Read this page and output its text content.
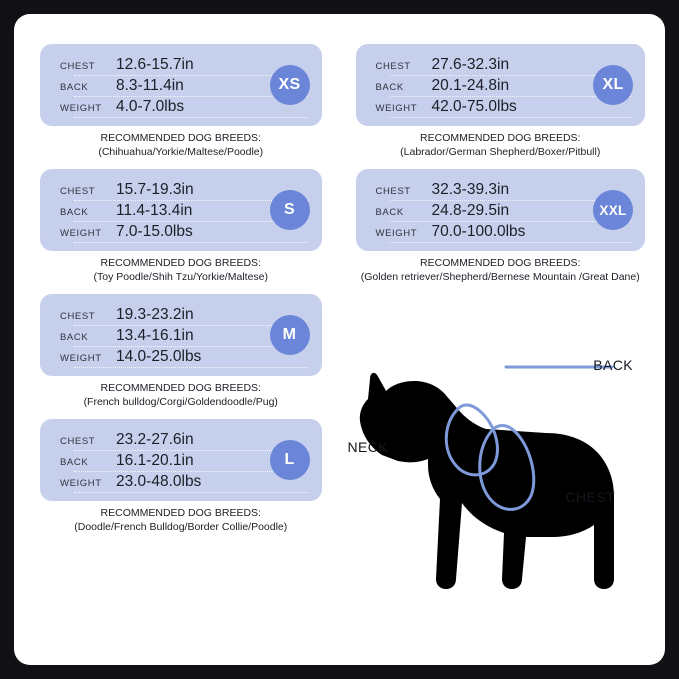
CHEST	12.6-15.7in
BACK	8.3-11.4in
WEIGHT 4.0-7.0lbs
XS
RECOMMENDED DOG BREEDS:
(Chihuahua/Yorkie/Maltese/Poodle)
CHEST	15.7-19.3in
BACK	11.4-13.4in
WEIGHT 7.0-15.0lbs
S
RECOMMENDED DOG BREEDS:
(Toy Poodle/Shih Tzu/Yorkie/Maltese)
CHEST	19.3-23.2in
BACK	13.4-16.1in
WEIGHT 14.0-25.0lbs
M
RECOMMENDED DOG BREEDS:
(French bulldog/Corgi/Goldendoodle/Pug)
CHEST	23.2-27.6in
BACK	16.1-20.1in
WEIGHT 23.0-48.0lbs
L
RECOMMENDED DOG BREEDS:
(Doodle/French Bulldog/Border Collie/Poodle)
CHEST	27.6-32.3in
BACK	20.1-24.8in
WEIGHT 42.0-75.0lbs
XL
RECOMMENDED DOG BREEDS:
(Labrador/German Shepherd/Boxer/Pitbull)
CHEST	32.3-39.3in
BACK	24.8-29.5in
WEIGHT 70.0-100.0lbs
XXL
RECOMMENDED DOG BREEDS:
(Golden retriever/Shepherd/Bernese Mountain /Great Dane)
BACK
NECK
CHEST
